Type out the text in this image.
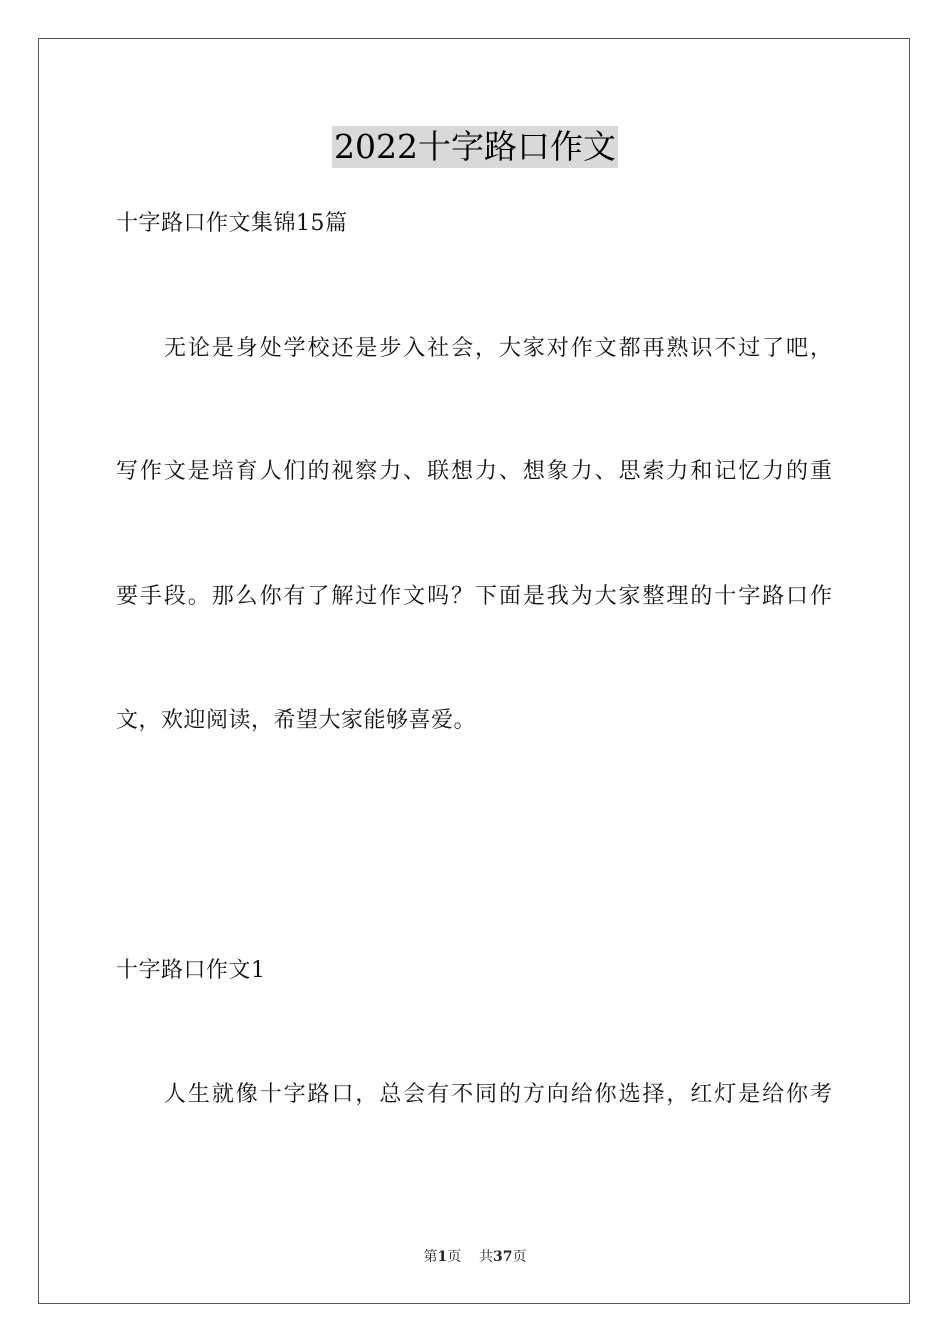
2022十字路口作文
十字路口作文集锦15篇
无论是身处学校还是步入社会，大家对作文都再熟识不过了吧，
写作文是培育人们的视察力、联想力、想象力、思索力和记忆力的重
要手段。那么你有了解过作文吗？下面是我为大家整理的十字路口作
文，欢迎阅读，希望大家能够喜爱。
十字路口作文1
人生就像十字路口，总会有不同的方向给你选择，红灯是给你考
第1页 共37页
